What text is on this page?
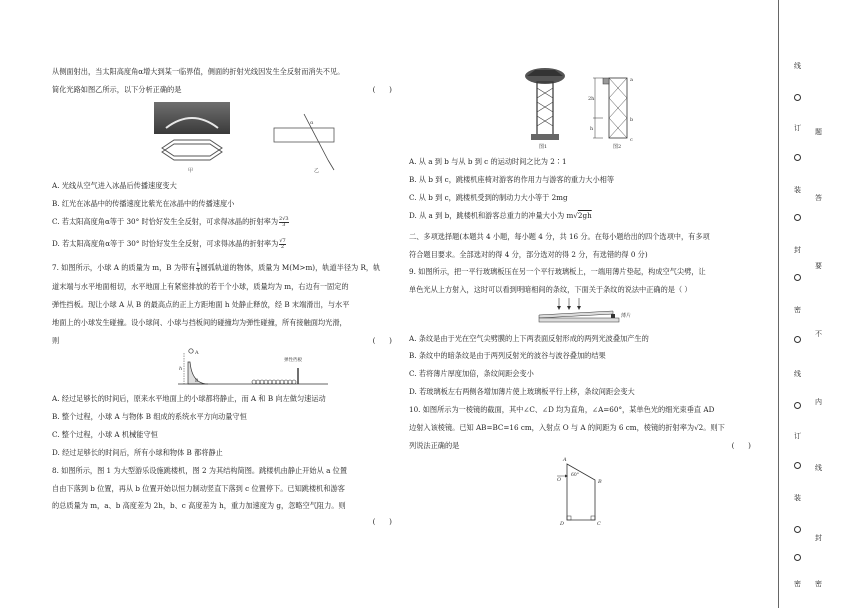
从侧面射出，当太阳高度角α增大到某一临界值，侧面的折射光线因发生全反射而消失不见。
简化光路如图乙所示，以下分析正确的是	(      )
甲
α
乙
A. 光线从空气进入冰晶后传播速度变大
B. 红光在冰晶中的传播速度比紫光在冰晶中的传播速度小
C. 若太阳高度角α等于 30° 时恰好发生全反射，可求得冰晶的折射率为 $\frac{2√3}{3}$
D. 若太阳高度角α等于 30° 时恰好发生全反射，可求得冰晶的折射率为 $\frac{√7}{2}$
7. 如图所示，小球 A 的质量为 m，B 为带有 $\frac{1}{4}$ 圆弧轨道的物体，质量为 M(M>m)，轨道半径为 R，轨
道末端与水平地面相切，水平地面上有紧密排放的若干个小球，质量均为 m，右边有一固定的
弹性挡板。现让小球 A 从 B 的最高点的正上方距地面 h 处静止释放，经 B 末端滑出，与水平
地面上的小球发生碰撞。设小球间、小球与挡板间的碰撞均为弹性碰撞，所有接触面均光滑，
则	(      )
A
h
B
弹性挡板
A. 经过足够长的时间后，原来水平地面上的小球都将静止，而 A 和 B 向左做匀速运动
B. 整个过程，小球 A 与物体 B 组成的系统水平方向动量守恒
C. 整个过程，小球 A 机械能守恒
D. 经过足够长的时间后，所有小球和物体 B 都将静止
8. 如图所示，图 1 为大型游乐设施跳楼机，图 2 为其结构简图。跳楼机由静止开始从 a 位置
自由下落到 b 位置，再从 b 位置开始以恒力制动竖直下落到 c 位置停下。已知跳楼机和游客
的总质量为 m，a、b 高度差为 2h，b、c 高度差为 h，重力加速度为 g，忽略空气阻力。则
(      )
图1
2h
h
a
b
c
图2
A. 从 a 到 b 与从 b 到 c 的运动时间之比为 2∶1
B. 从 b 到 c，跳楼机座椅对游客的作用力与游客的重力大小相等
C. 从 b 到 c，跳楼机受到的制动力大小等于 2mg
D. 从 a 到 b，跳楼机和游客总重力的冲量大小为 m√2gh
二、多项选择题(本题共 4 小题，每小题 4 分，共 16 分。在每小题给出的四个选项中，有多项
符合题目要求。全部选对的得 4 分，部分选对的得 2 分，有选错的得 0 分)
9. 如图所示，把一平行玻璃板压在另一个平行玻璃板上，一端用薄片垫起，构成空气尖劈，让
单色光从上方射入，这时可以看到明暗相间的条纹，下面关于条纹的说法中正确的是（ ）
薄片
A. 条纹是由于光在空气尖劈膜的上下两表面反射形成的两列光波叠加产生的
B. 条纹中的暗条纹是由于两列反射光的波谷与波谷叠加的结果
C. 若将薄片厚度加倍，条纹间距会变小
D. 若玻璃板左右两侧各增加薄片使上玻璃板平行上移，条纹间距会变大
10. 如图所示为一棱镜的截面，其中∠C、∠D 均为直角，∠A=60°，某单色光的细光束垂直 AD
边射入该棱镜。已知 AB=BC=16 cm，入射点 O 与 A 的间距为 6 cm，棱镜的折射率为√2。则下
列说法正确的是	(      )
A
O
60°
B
C
D
线
题
订
答
装
要
封
不
密
内
线
线
订
装
封
密 密
